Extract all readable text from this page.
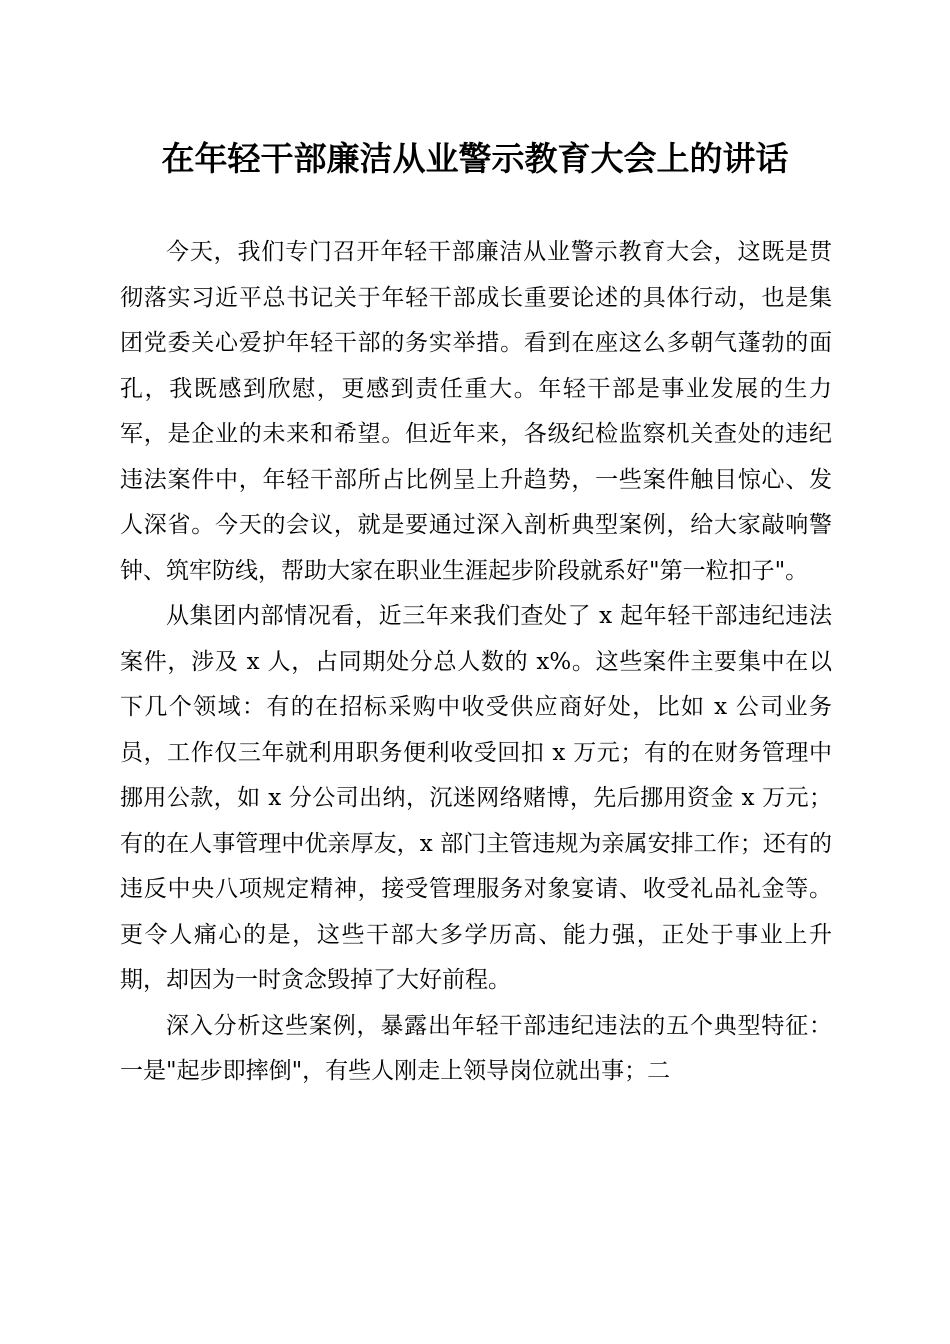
在年轻干部廉洁从业警示教育大会上的讲话

今天，我们专门召开年轻干部廉洁从业警示教育大会，这既是贯彻落实习近平总书记关于年轻干部成长重要论述的具体行动，也是集团党委关心爱护年轻干部的务实举措。看到在座这么多朝气蓬勃的面孔，我既感到欣慰，更感到责任重大。年轻干部是事业发展的生力军，是企业的未来和希望。但近年来，各级纪检监察机关查处的违纪违法案件中，年轻干部所占比例呈上升趋势，一些案件触目惊心、发人深省。今天的会议，就是要通过深入剖析典型案例，给大家敲响警钟、筑牢防线，帮助大家在职业生涯起步阶段就系好"第一粒扣子"。

从集团内部情况看，近三年来我们查处了 x 起年轻干部违纪违法案件，涉及 x 人，占同期处分总人数的 x%。这些案件主要集中在以下几个领域：有的在招标采购中收受供应商好处，比如 x 公司业务员，工作仅三年就利用职务便利收受回扣 x 万元；有的在财务管理中挪用公款，如 x 分公司出纳，沉迷网络赌博，先后挪用资金 x 万元；有的在人事管理中优亲厚友，x 部门主管违规为亲属安排工作；还有的违反中央八项规定精神，接受管理服务对象宴请、收受礼品礼金等。更令人痛心的是，这些干部大多学历高、能力强，正处于事业上升期，却因为一时贪念毁掉了大好前程。

深入分析这些案例，暴露出年轻干部违纪违法的五个典型特征：一是"起步即摔倒"，有些人刚走上领导岗位就出事；二
